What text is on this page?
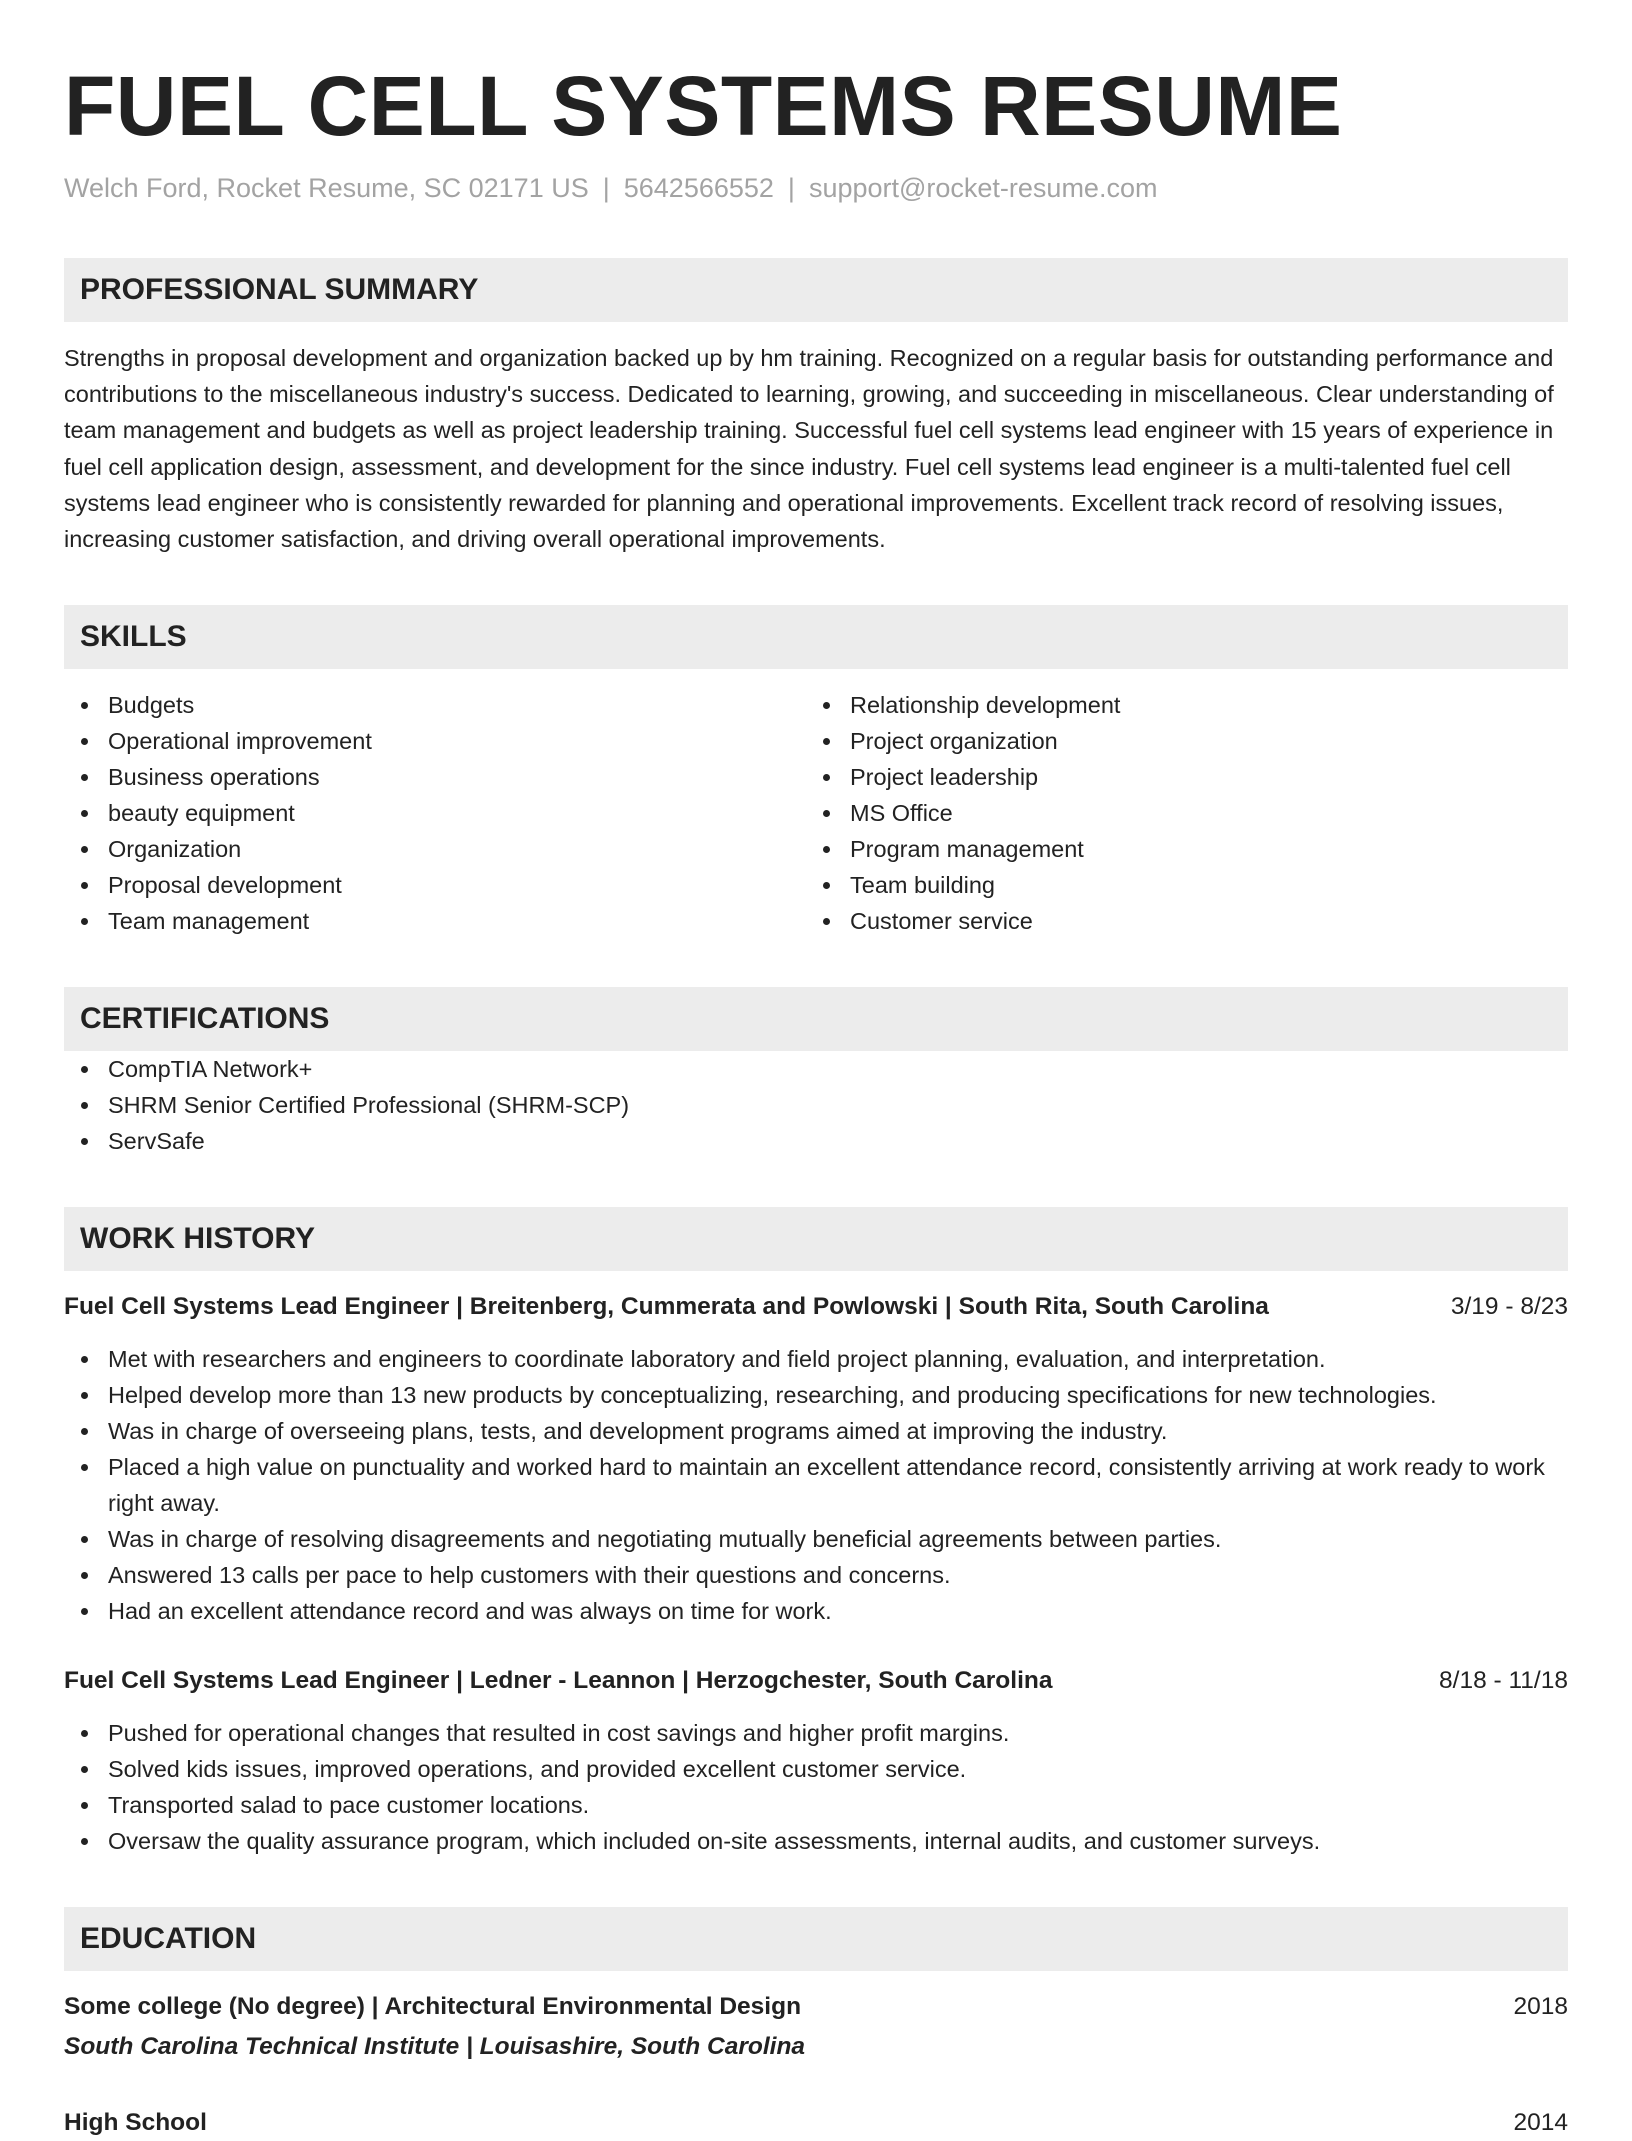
FUEL CELL SYSTEMS RESUME
Welch Ford, Rocket Resume, SC 02171 US | 5642566552 | support@rocket-resume.com
PROFESSIONAL SUMMARY

Strengths in proposal development and organization backed up by hm training. Recognized on a regular basis for outstanding performance and contributions to the miscellaneous industry's success. Dedicated to learning, growing, and succeeding in miscellaneous. Clear understanding of team management and budgets as well as project leadership training. Successful fuel cell systems lead engineer with 15 years of experience in fuel cell application design, assessment, and development for the since industry. Fuel cell systems lead engineer is a multi-talented fuel cell systems lead engineer who is consistently rewarded for planning and operational improvements. Excellent track record of resolving issues, increasing customer satisfaction, and driving overall operational improvements.

SKILLS
Budgets
Operational improvement
Business operations
beauty equipment
Organization
Proposal development
Team management
Relationship development
Project organization
Project leadership
MS Office
Program management
Team building
Customer service
CERTIFICATIONS
CompTIA Network+
SHRM Senior Certified Professional (SHRM-SCP)
ServSafe
WORK HISTORY
Fuel Cell Systems Lead Engineer | Breitenberg, Cummerata and Powlowski | South Rita, South Carolina	3/19 - 8/23
Met with researchers and engineers to coordinate laboratory and field project planning, evaluation, and interpretation.
Helped develop more than 13 new products by conceptualizing, researching, and producing specifications for new technologies.
Was in charge of overseeing plans, tests, and development programs aimed at improving the industry.
Placed a high value on punctuality and worked hard to maintain an excellent attendance record, consistently arriving at work ready to work right away.
Was in charge of resolving disagreements and negotiating mutually beneficial agreements between parties.
Answered 13 calls per pace to help customers with their questions and concerns.
Had an excellent attendance record and was always on time for work.
Fuel Cell Systems Lead Engineer | Ledner - Leannon | Herzogchester, South Carolina	8/18 - 11/18
Pushed for operational changes that resulted in cost savings and higher profit margins.
Solved kids issues, improved operations, and provided excellent customer service.
Transported salad to pace customer locations.
Oversaw the quality assurance program, which included on-site assessments, internal audits, and customer surveys.
EDUCATION
Some college (No degree) | Architectural Environmental Design	2018
South Carolina Technical Institute | Louisashire, South Carolina
High School	2014
